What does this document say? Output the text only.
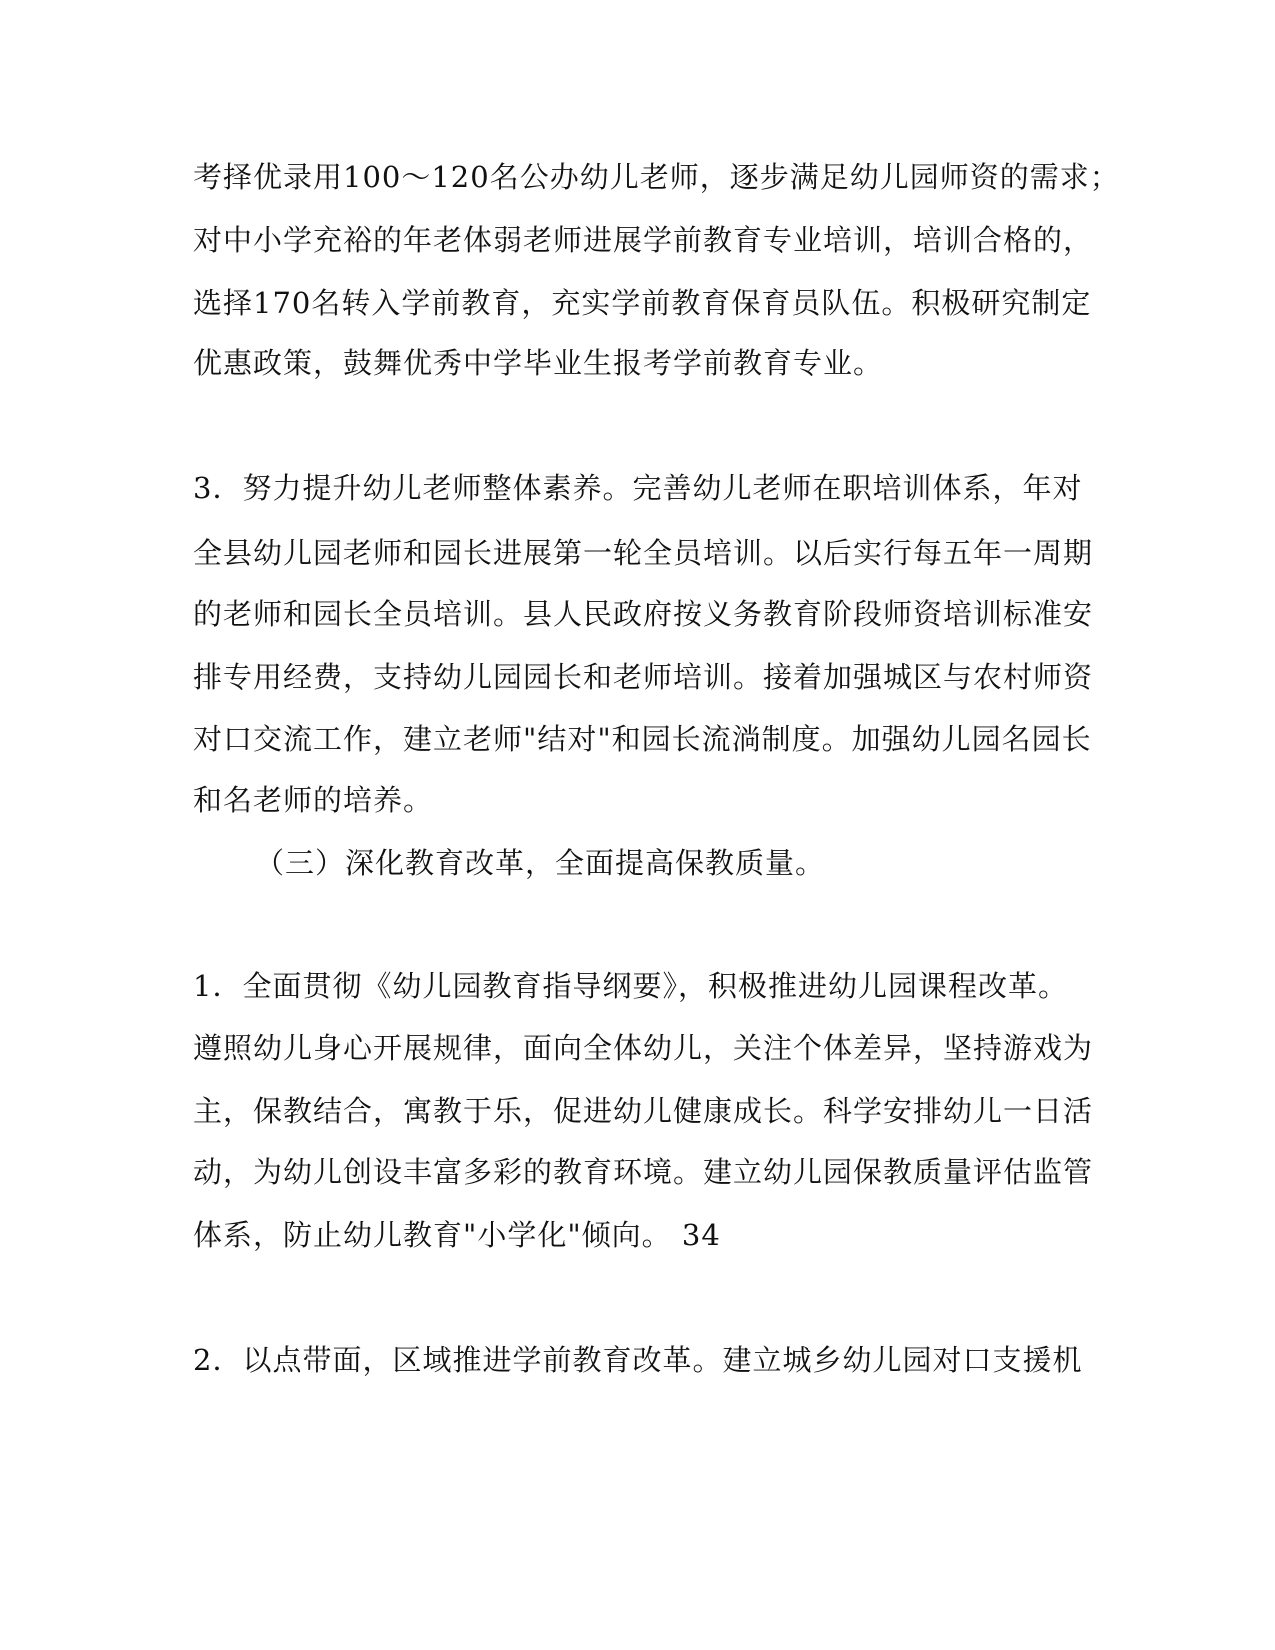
考择优录用100～120名公办幼儿老师，逐步满足幼儿园师资的需求；

对中小学充裕的年老体弱老师进展学前教育专业培训，培训合格的，

选择170名转入学前教育，充实学前教育保育员队伍。积极研究制定

优惠政策，鼓舞优秀中学毕业生报考学前教育专业。

3．努力提升幼儿老师整体素养。完善幼儿老师在职培训体系，年对

全县幼儿园老师和园长进展第一轮全员培训。以后实行每五年一周期

的老师和园长全员培训。县人民政府按义务教育阶段师资培训标准安

排专用经费，支持幼儿园园长和老师培训。接着加强城区与农村师资

对口交流工作，建立老师"结对"和园长流淌制度。加强幼儿园名园长

和名老师的培养。

（三）深化教育改革，全面提高保教质量。

1．全面贯彻《幼儿园教育指导纲要》，积极推进幼儿园课程改革。

遵照幼儿身心开展规律，面向全体幼儿，关注个体差异，坚持游戏为

主，保教结合，寓教于乐，促进幼儿健康成长。科学安排幼儿一日活

动，为幼儿创设丰富多彩的教育环境。建立幼儿园保教质量评估监管

体系，防止幼儿教育"小学化"倾向。 34

2．以点带面，区域推进学前教育改革。建立城乡幼儿园对口支援机
